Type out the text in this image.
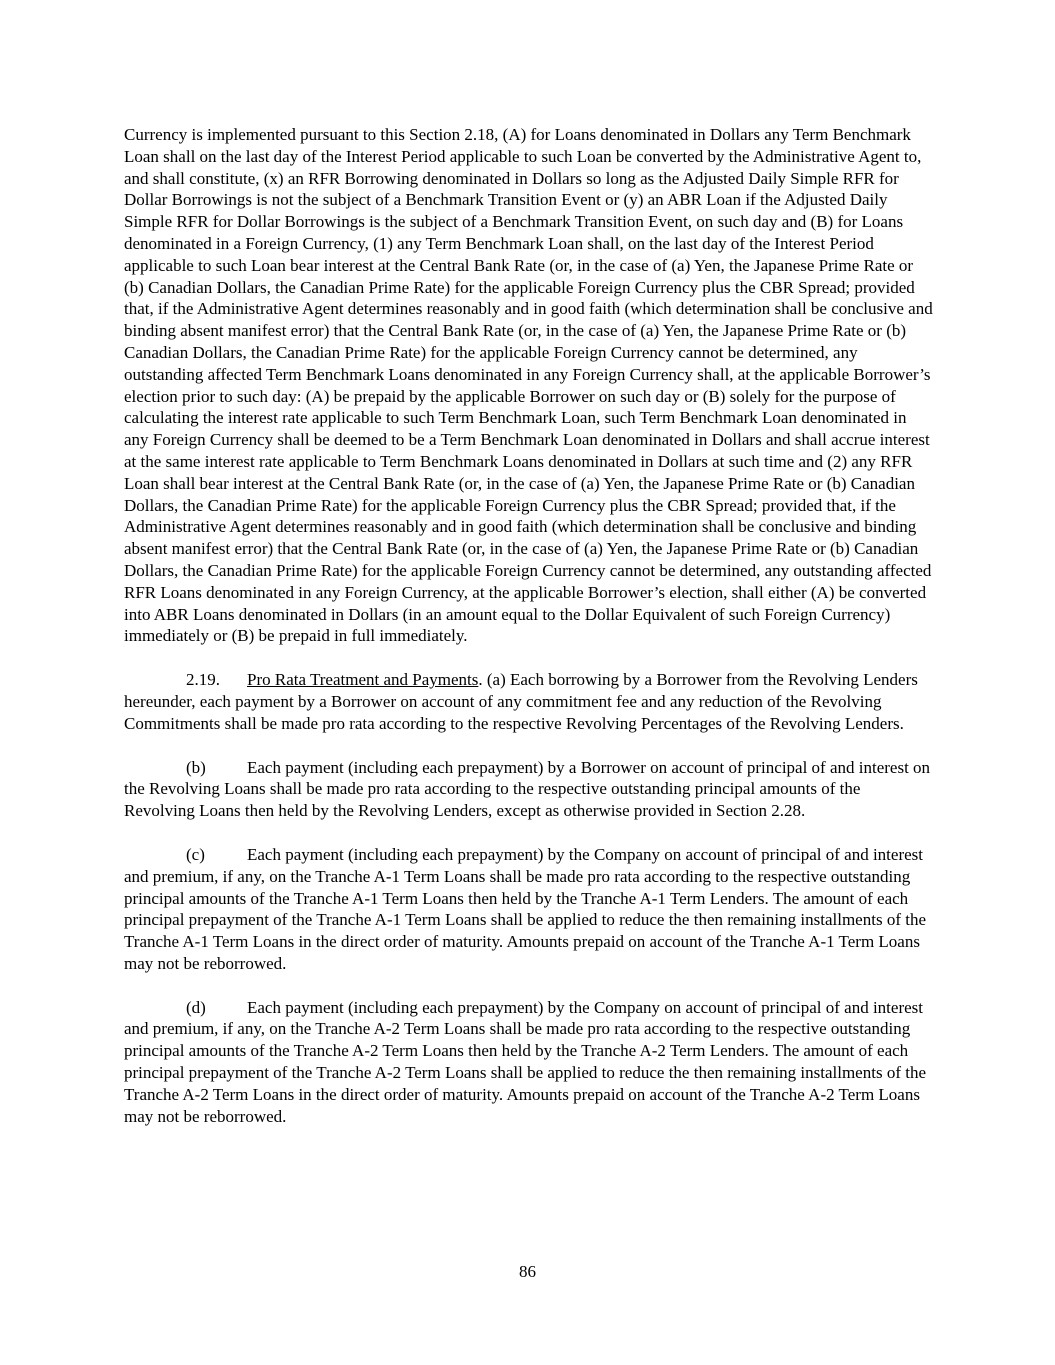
Currency is implemented pursuant to this Section 2.18, (A) for Loans denominated in Dollars any Term Benchmark Loan shall on the last day of the Interest Period applicable to such Loan be converted by the Administrative Agent to, and shall constitute, (x) an RFR Borrowing denominated in Dollars so long as the Adjusted Daily Simple RFR for Dollar Borrowings is not the subject of a Benchmark Transition Event or (y) an ABR Loan if the Adjusted Daily Simple RFR for Dollar Borrowings is the subject of a Benchmark Transition Event, on such day and (B) for Loans denominated in a Foreign Currency, (1) any Term Benchmark Loan shall, on the last day of the Interest Period applicable to such Loan bear interest at the Central Bank Rate (or, in the case of (a) Yen, the Japanese Prime Rate or (b) Canadian Dollars, the Canadian Prime Rate) for the applicable Foreign Currency plus the CBR Spread; provided that, if the Administrative Agent determines reasonably and in good faith (which determination shall be conclusive and binding absent manifest error) that the Central Bank Rate (or, in the case of (a) Yen, the Japanese Prime Rate or (b) Canadian Dollars, the Canadian Prime Rate) for the applicable Foreign Currency cannot be determined, any outstanding affected Term Benchmark Loans denominated in any Foreign Currency shall, at the applicable Borrower’s election prior to such day: (A) be prepaid by the applicable Borrower on such day or (B) solely for the purpose of calculating the interest rate applicable to such Term Benchmark Loan, such Term Benchmark Loan denominated in any Foreign Currency shall be deemed to be a Term Benchmark Loan denominated in Dollars and shall accrue interest at the same interest rate applicable to Term Benchmark Loans denominated in Dollars at such time and (2) any RFR Loan shall bear interest at the Central Bank Rate (or, in the case of (a) Yen, the Japanese Prime Rate or (b) Canadian Dollars, the Canadian Prime Rate) for the applicable Foreign Currency plus the CBR Spread; provided that, if the Administrative Agent determines reasonably and in good faith (which determination shall be conclusive and binding absent manifest error) that the Central Bank Rate (or, in the case of (a) Yen, the Japanese Prime Rate or (b) Canadian Dollars, the Canadian Prime Rate) for the applicable Foreign Currency cannot be determined, any outstanding affected RFR Loans denominated in any Foreign Currency, at the applicable Borrower’s election, shall either (A) be converted into ABR Loans denominated in Dollars (in an amount equal to the Dollar Equivalent of such Foreign Currency) immediately or (B) be prepaid in full immediately.

2.19. Pro Rata Treatment and Payments. (a) Each borrowing by a Borrower from the Revolving Lenders hereunder, each payment by a Borrower on account of any commitment fee and any reduction of the Revolving Commitments shall be made pro rata according to the respective Revolving Percentages of the Revolving Lenders.

(b) Each payment (including each prepayment) by a Borrower on account of principal of and interest on the Revolving Loans shall be made pro rata according to the respective outstanding principal amounts of the Revolving Loans then held by the Revolving Lenders, except as otherwise provided in Section 2.28.

(c) Each payment (including each prepayment) by the Company on account of principal of and interest and premium, if any, on the Tranche A-1 Term Loans shall be made pro rata according to the respective outstanding principal amounts of the Tranche A-1 Term Loans then held by the Tranche A-1 Term Lenders. The amount of each principal prepayment of the Tranche A-1 Term Loans shall be applied to reduce the then remaining installments of the Tranche A-1 Term Loans in the direct order of maturity. Amounts prepaid on account of the Tranche A-1 Term Loans may not be reborrowed.

(d) Each payment (including each prepayment) by the Company on account of principal of and interest and premium, if any, on the Tranche A-2 Term Loans shall be made pro rata according to the respective outstanding principal amounts of the Tranche A-2 Term Loans then held by the Tranche A-2 Term Lenders. The amount of each principal prepayment of the Tranche A-2 Term Loans shall be applied to reduce the then remaining installments of the Tranche A-2 Term Loans in the direct order of maturity. Amounts prepaid on account of the Tranche A-2 Term Loans may not be reborrowed.

86
